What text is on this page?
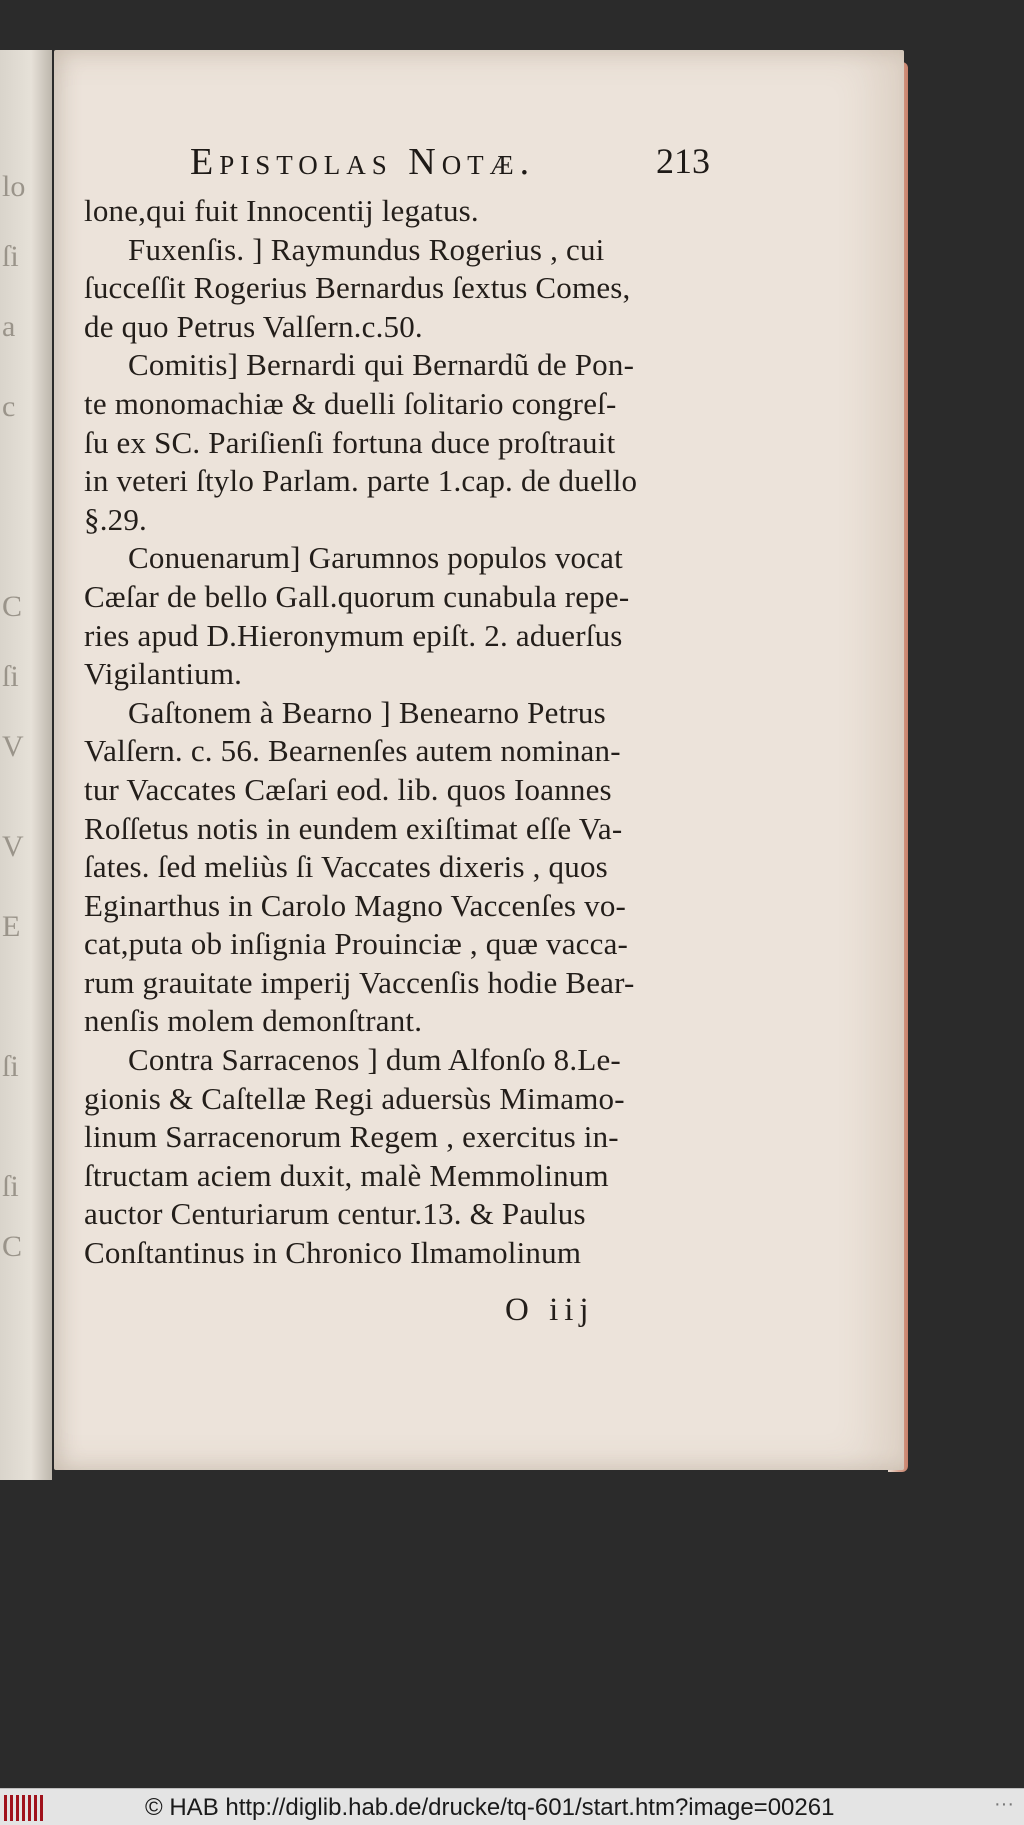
lo
ſi
a
c
C
ſi
V
V
E
ſi
ſi
C
Epistolas Notæ.	213
lone,qui fuit Innocentij legatus.
Fuxenſis. ] Raymundus Rogerius , cui
ſucceſſit Rogerius Bernardus ſextus Comes,
de quo Petrus Valſern.c.50.
Comitis] Bernardi qui Bernardũ de Pon-
te monomachiæ & duelli ſolitario congreſ-
ſu ex SC. Pariſienſi fortuna duce proſtrauit
in veteri ſtylo Parlam. parte 1.cap. de duello
§.29.
Conuenarum] Garumnos populos vocat
Cæſar de bello Gall.quorum cunabula repe-
ries apud D.Hieronymum epiſt. 2. aduerſus
Vigilantium.
Gaſtonem à Bearno ] Benearno Petrus
Valſern. c. 56. Bearnenſes autem nominan-
tur Vaccates Cæſari eod. lib. quos Ioannes
Roſſetus notis in eundem exiſtimat eſſe Va-
ſates. ſed meliùs ſi Vaccates dixeris , quos
Eginarthus in Carolo Magno Vaccenſes vo-
cat,puta ob inſignia Prouinciæ , quæ vacca-
rum grauitate imperij Vaccenſis hodie Bear-
nenſis molem demonſtrant.
Contra Sarracenos ] dum Alfonſo 8.Le-
gionis & Caſtellæ Regi aduersùs Mimamo-
linum Sarracenorum Regem , exercitus in-
ſtructam aciem duxit, malè Memmolinum
auctor Centuriarum centur.13. & Paulus
Conſtantinus in Chronico Ilmamolinum
O iij
© HAB http://diglib.hab.de/drucke/tq-601/start.htm?image=00261	···
